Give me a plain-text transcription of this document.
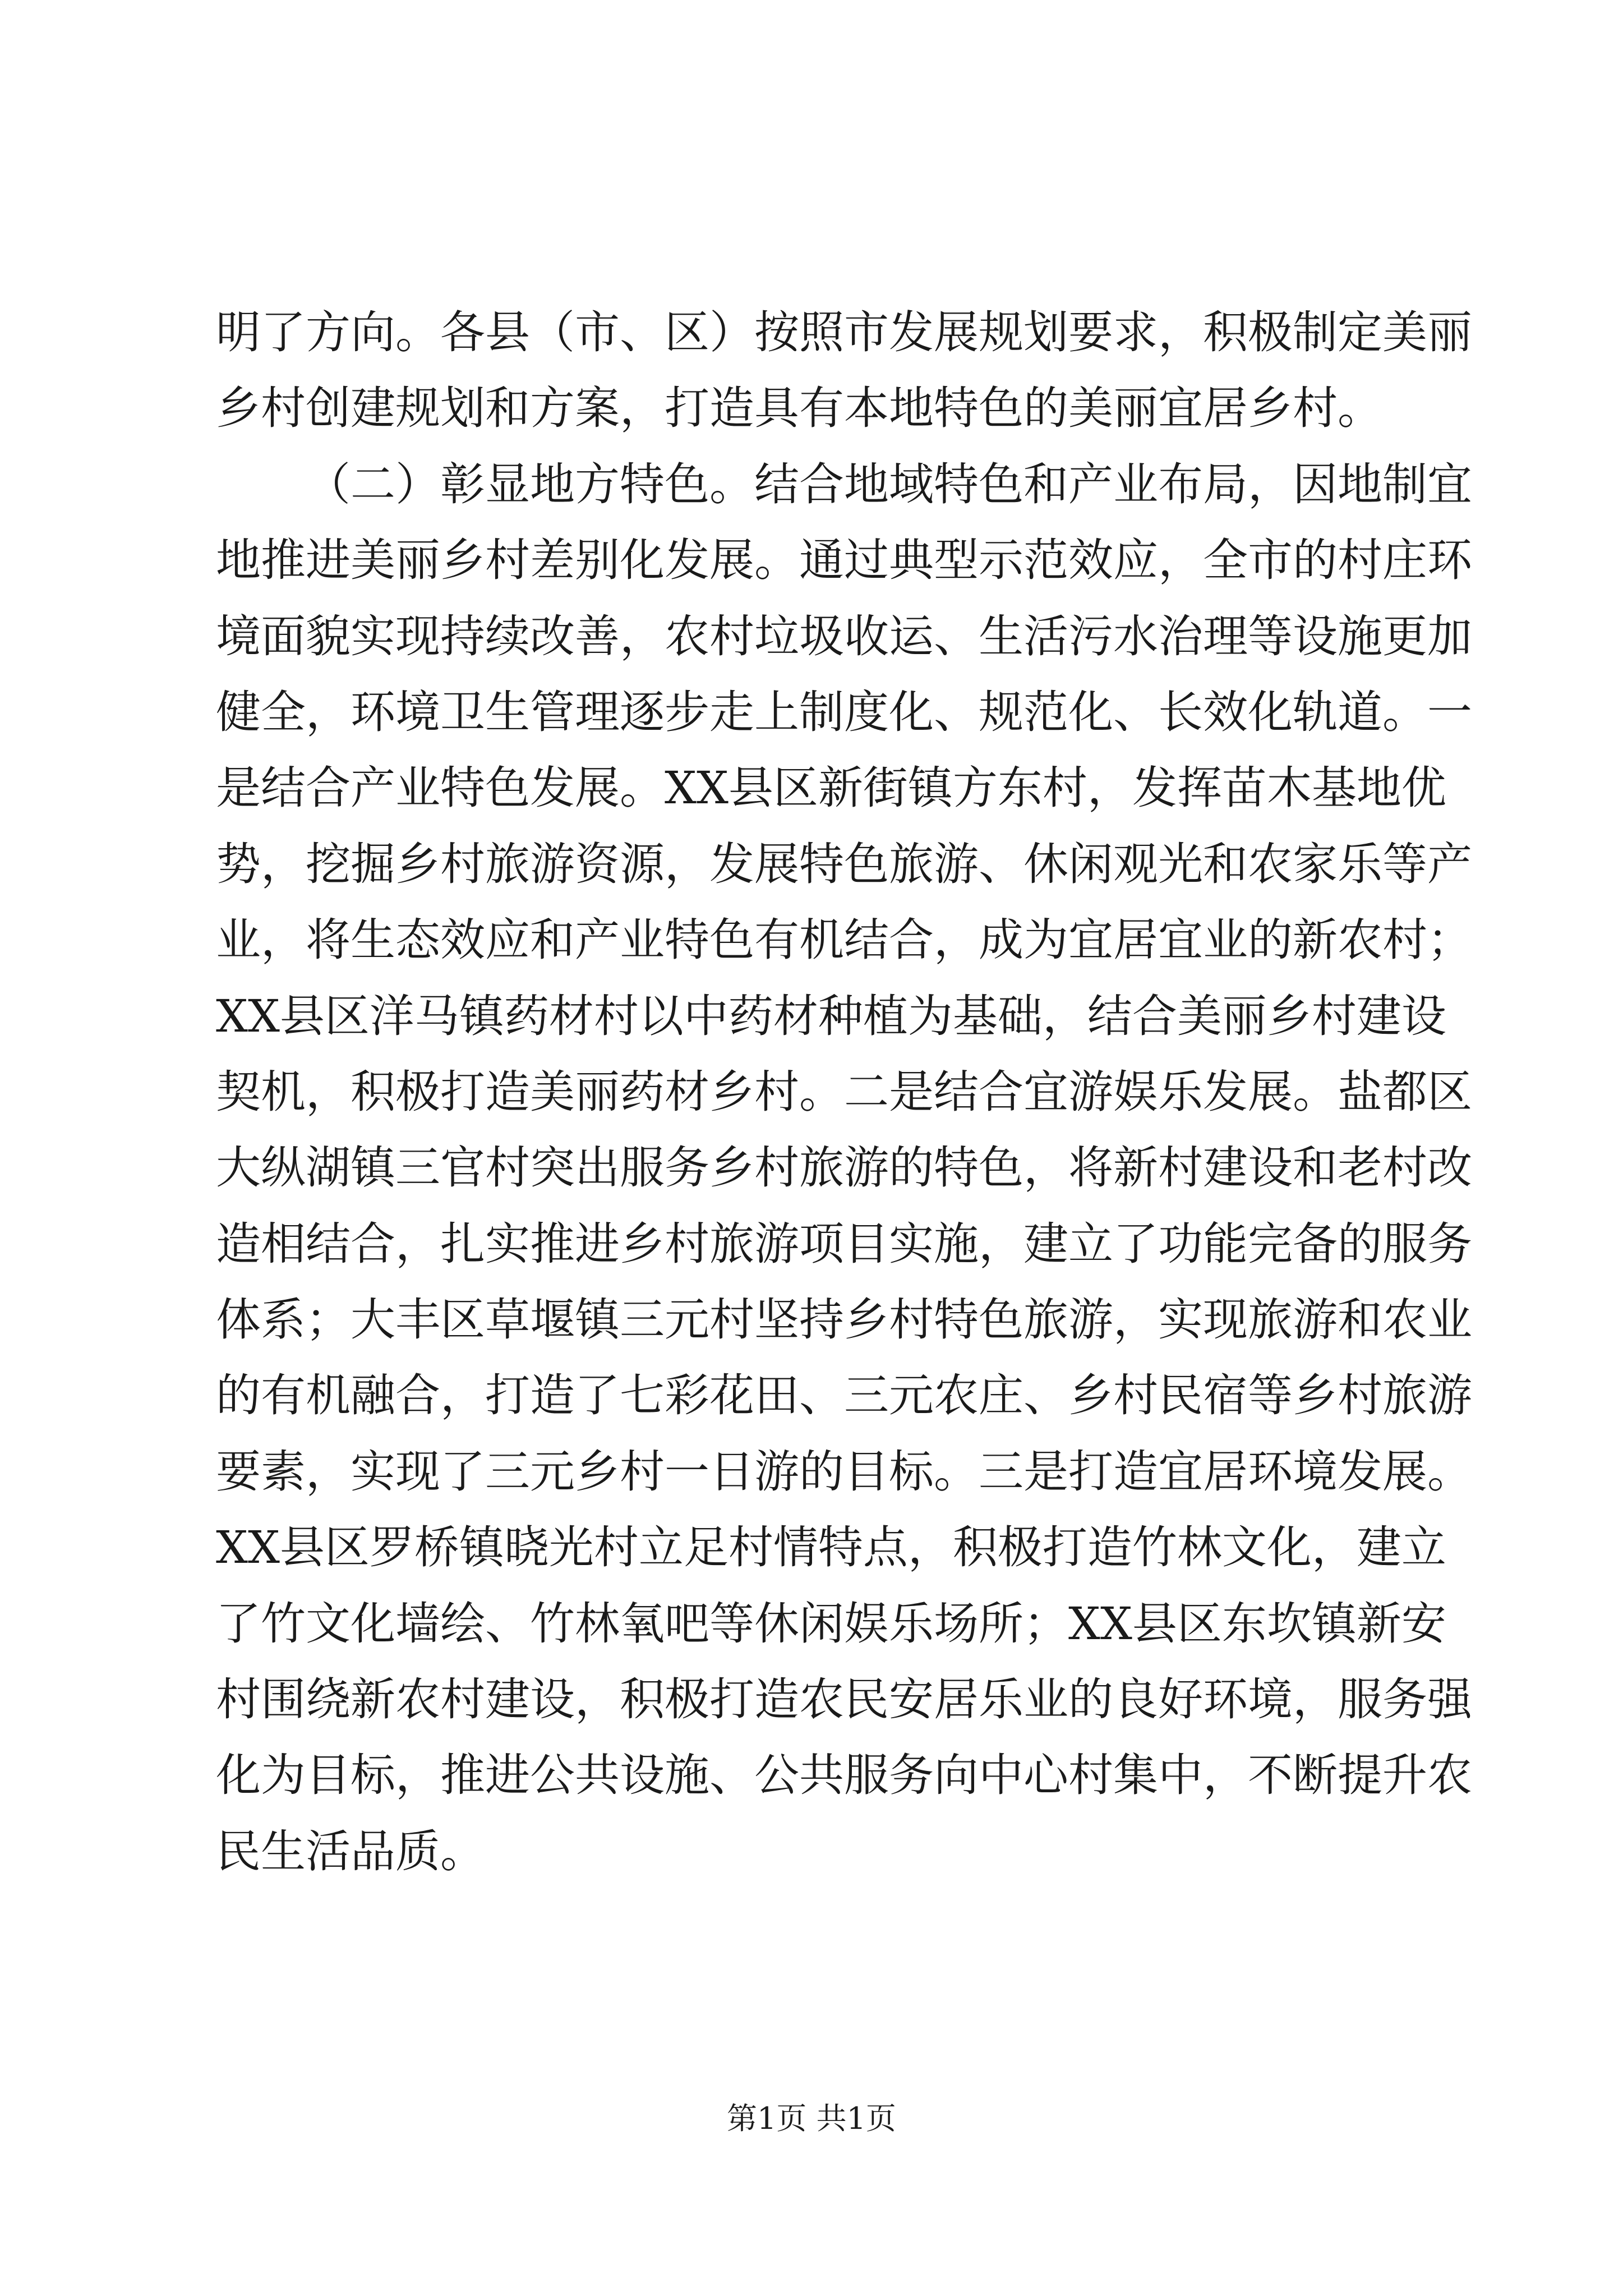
明了方向。各县（市、区）按照市发展规划要求，积极制定美丽
乡村创建规划和方案，打造具有本地特色的美丽宜居乡村。
（二）彰显地方特色。结合地域特色和产业布局，因地制宜
地推进美丽乡村差别化发展。通过典型示范效应，全市的村庄环
境面貌实现持续改善，农村垃圾收运、生活污水治理等设施更加
健全，环境卫生管理逐步走上制度化、规范化、长效化轨道。一
是结合产业特色发展。XX县区新街镇方东村，发挥苗木基地优
势，挖掘乡村旅游资源，发展特色旅游、休闲观光和农家乐等产
业，将生态效应和产业特色有机结合，成为宜居宜业的新农村；
XX县区洋马镇药材村以中药材种植为基础，结合美丽乡村建设
契机，积极打造美丽药材乡村。二是结合宜游娱乐发展。盐都区
大纵湖镇三官村突出服务乡村旅游的特色，将新村建设和老村改
造相结合，扎实推进乡村旅游项目实施，建立了功能完备的服务
体系；大丰区草堰镇三元村坚持乡村特色旅游，实现旅游和农业
的有机融合，打造了七彩花田、三元农庄、乡村民宿等乡村旅游
要素，实现了三元乡村一日游的目标。三是打造宜居环境发展。
XX县区罗桥镇晓光村立足村情特点，积极打造竹林文化，建立
了竹文化墙绘、竹林氧吧等休闲娱乐场所；XX县区东坎镇新安
村围绕新农村建设，积极打造农民安居乐业的良好环境，服务强
化为目标，推进公共设施、公共服务向中心村集中，不断提升农
民生活品质。
第1页 共1页
